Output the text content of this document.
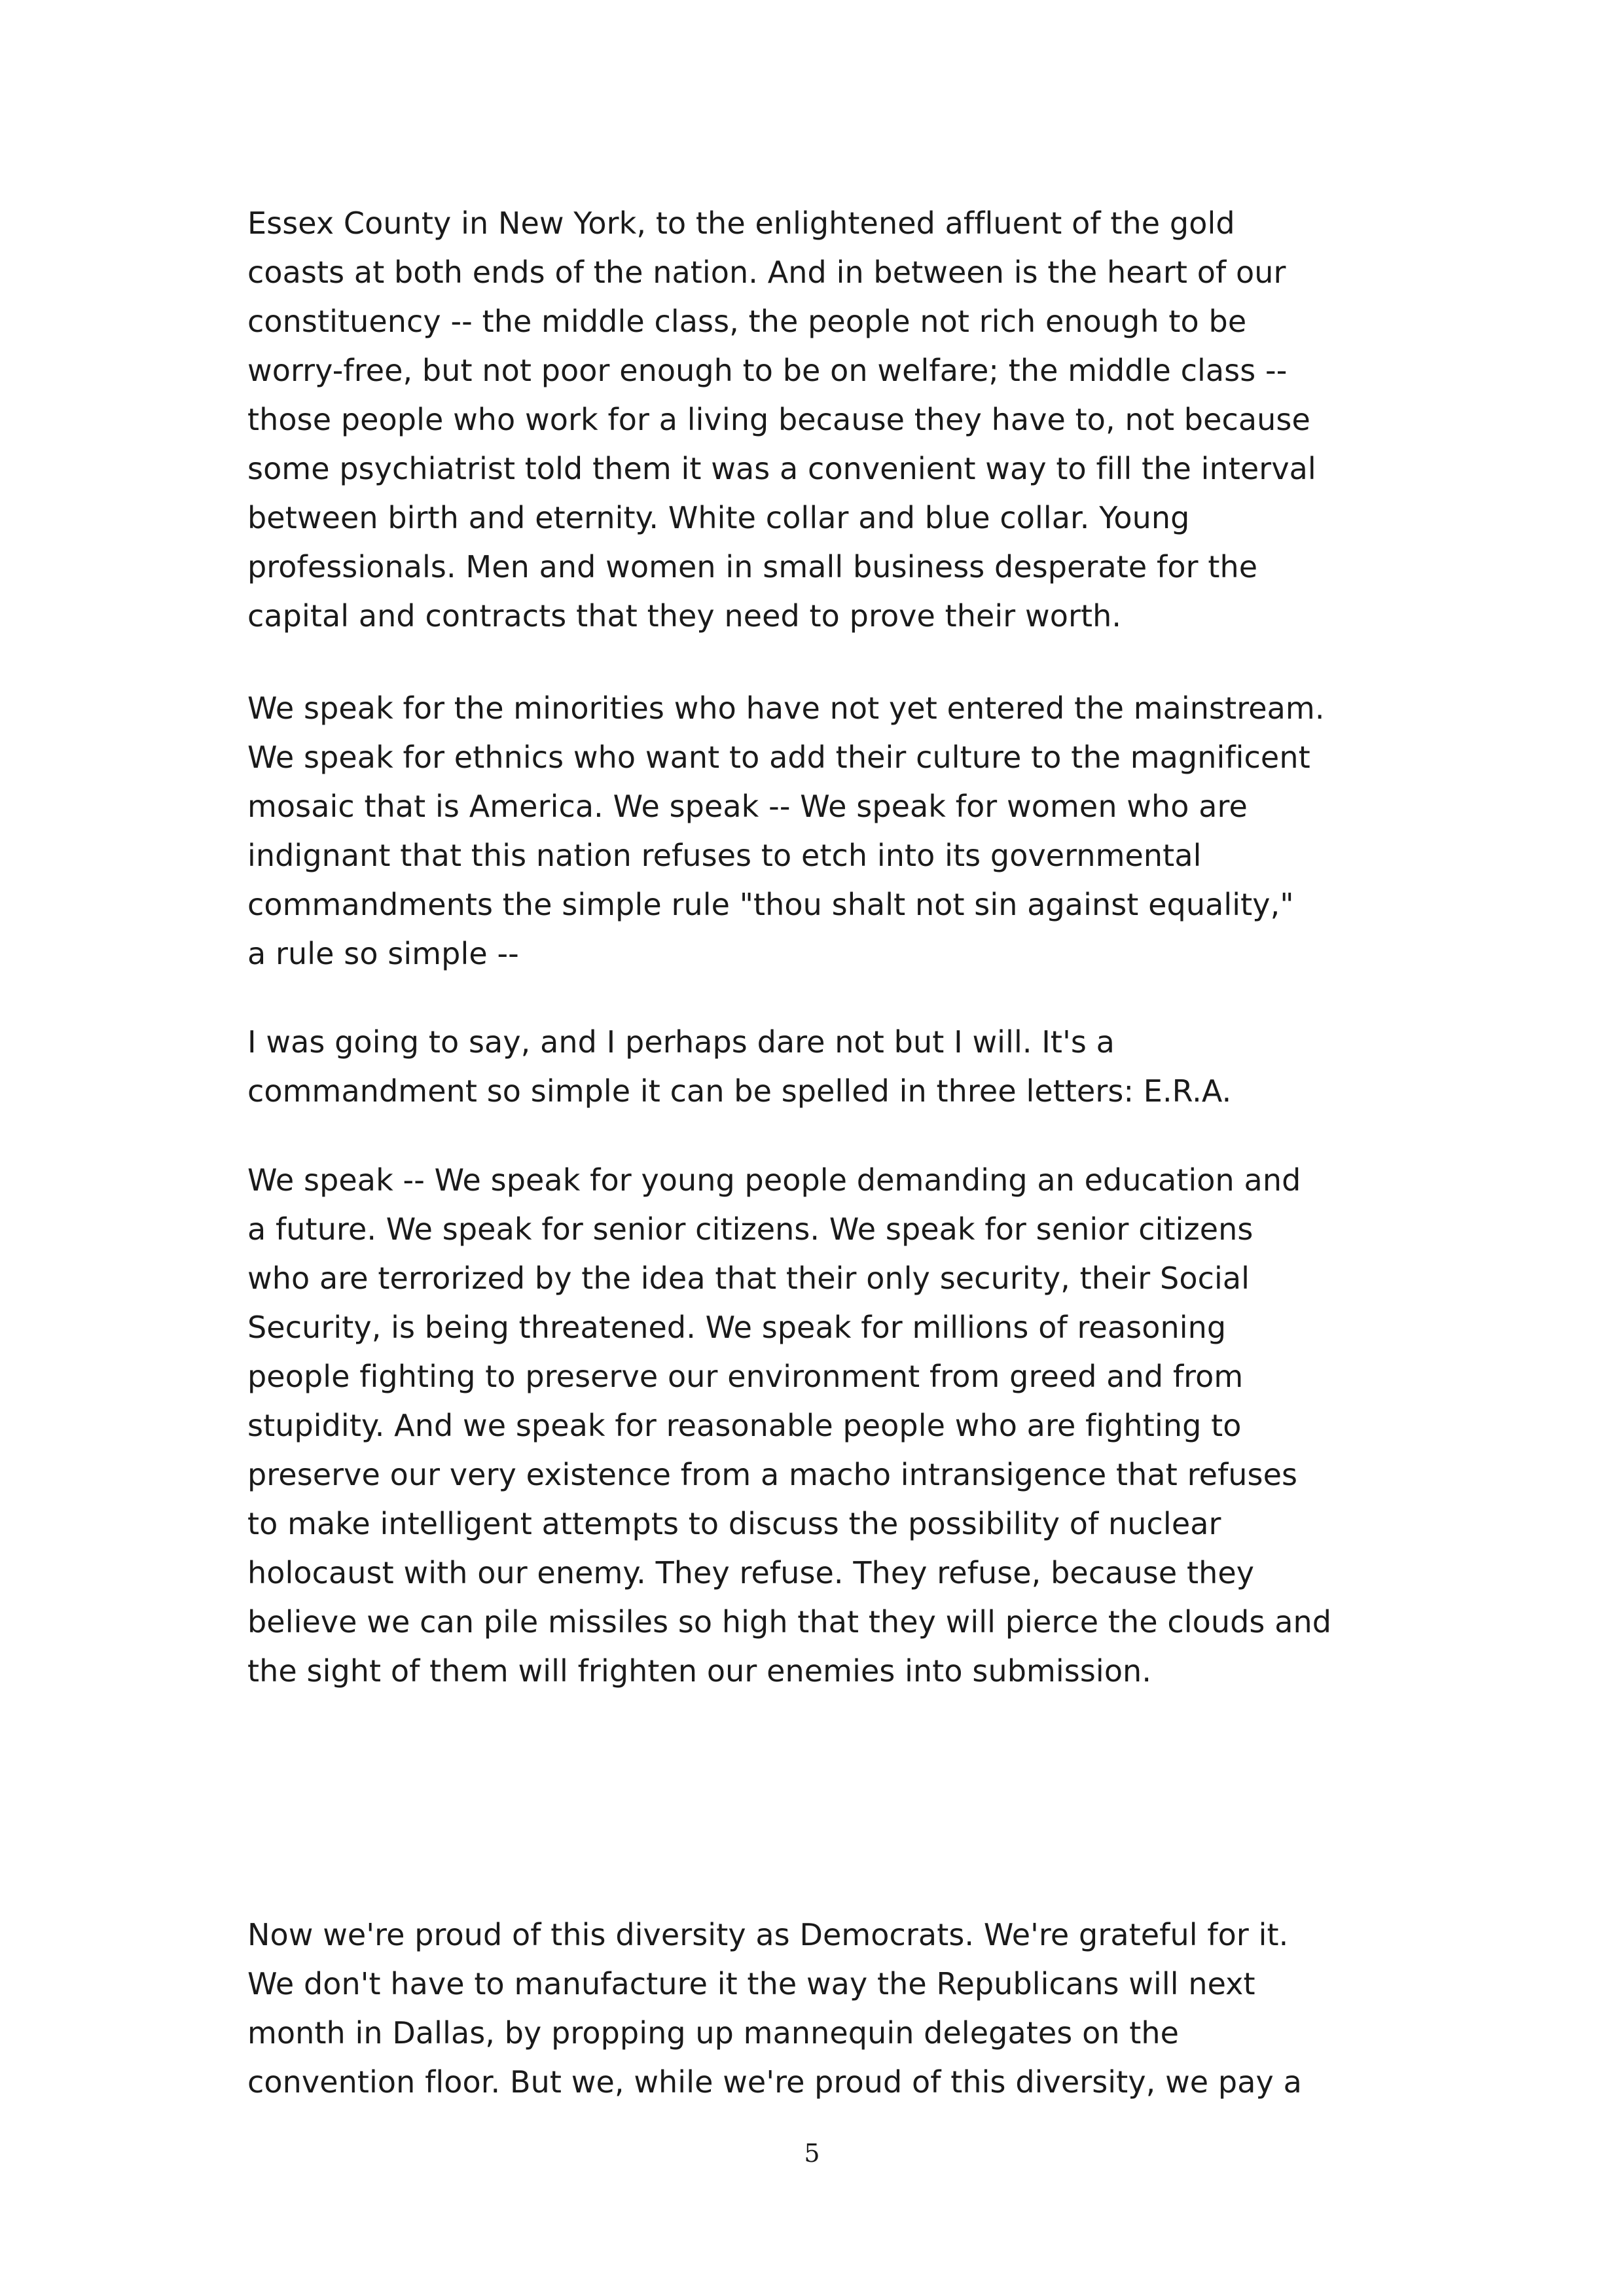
Essex County in New York, to the enlightened affluent of the gold
coasts at both ends of the nation. And in between is the heart of our
constituency -- the middle class, the people not rich enough to be
worry-free, but not poor enough to be on welfare; the middle class --
those people who work for a living because they have to, not because
some psychiatrist told them it was a convenient way to fill the interval
between birth and eternity. White collar and blue collar. Young
professionals. Men and women in small business desperate for the
capital and contracts that they need to prove their worth.
We speak for the minorities who have not yet entered the mainstream.
We speak for ethnics who want to add their culture to the magnificent
mosaic that is America. We speak -- We speak for women who are
indignant that this nation refuses to etch into its governmental
commandments the simple rule "thou shalt not sin against equality,"
a rule so simple --
I was going to say, and I perhaps dare not but I will. It's a
commandment so simple it can be spelled in three letters: E.R.A.
We speak -- We speak for young people demanding an education and
a future. We speak for senior citizens. We speak for senior citizens
who are terrorized by the idea that their only security, their Social
Security, is being threatened. We speak for millions of reasoning
people fighting to preserve our environment from greed and from
stupidity. And we speak for reasonable people who are fighting to
preserve our very existence from a macho intransigence that refuses
to make intelligent attempts to discuss the possibility of nuclear
holocaust with our enemy. They refuse. They refuse, because they
believe we can pile missiles so high that they will pierce the clouds and
the sight of them will frighten our enemies into submission.
Now we're proud of this diversity as Democrats. We're grateful for it.
We don't have to manufacture it the way the Republicans will next
month in Dallas, by propping up mannequin delegates on the
convention floor. But we, while we're proud of this diversity, we pay a
5
